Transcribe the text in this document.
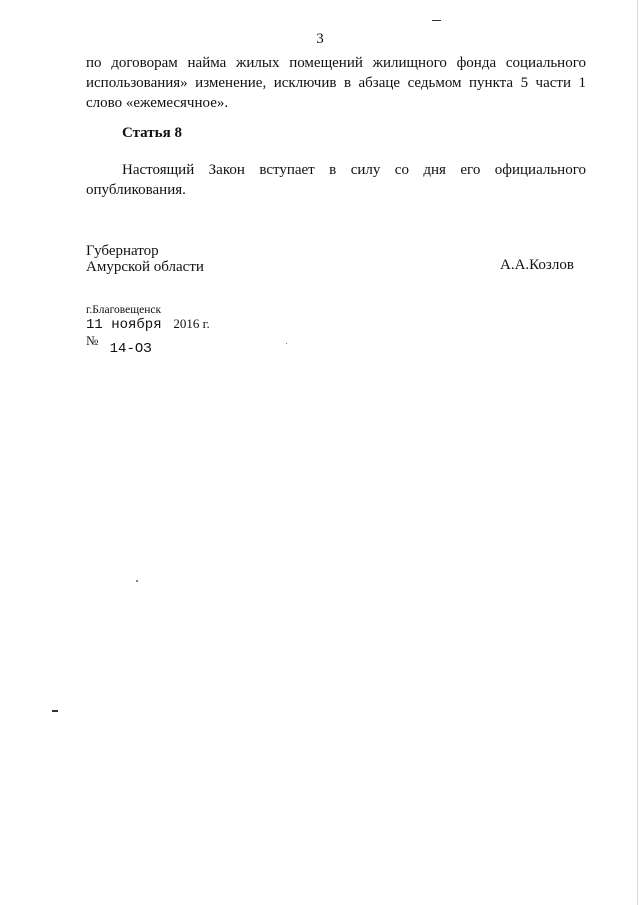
3
по договорам найма жилых помещений жилищного фонда социального
использования» изменение, исключив в абзаце седьмом пункта 5 части 1
слово «ежемесячное».
Статья 8
Настоящий Закон вступает в силу со дня его официального
опубликования.
Губернатор
Амурской области	А.А.Козлов
г.Благовещенск
11 ноября 2016 г.
№ 14-ОЗ
